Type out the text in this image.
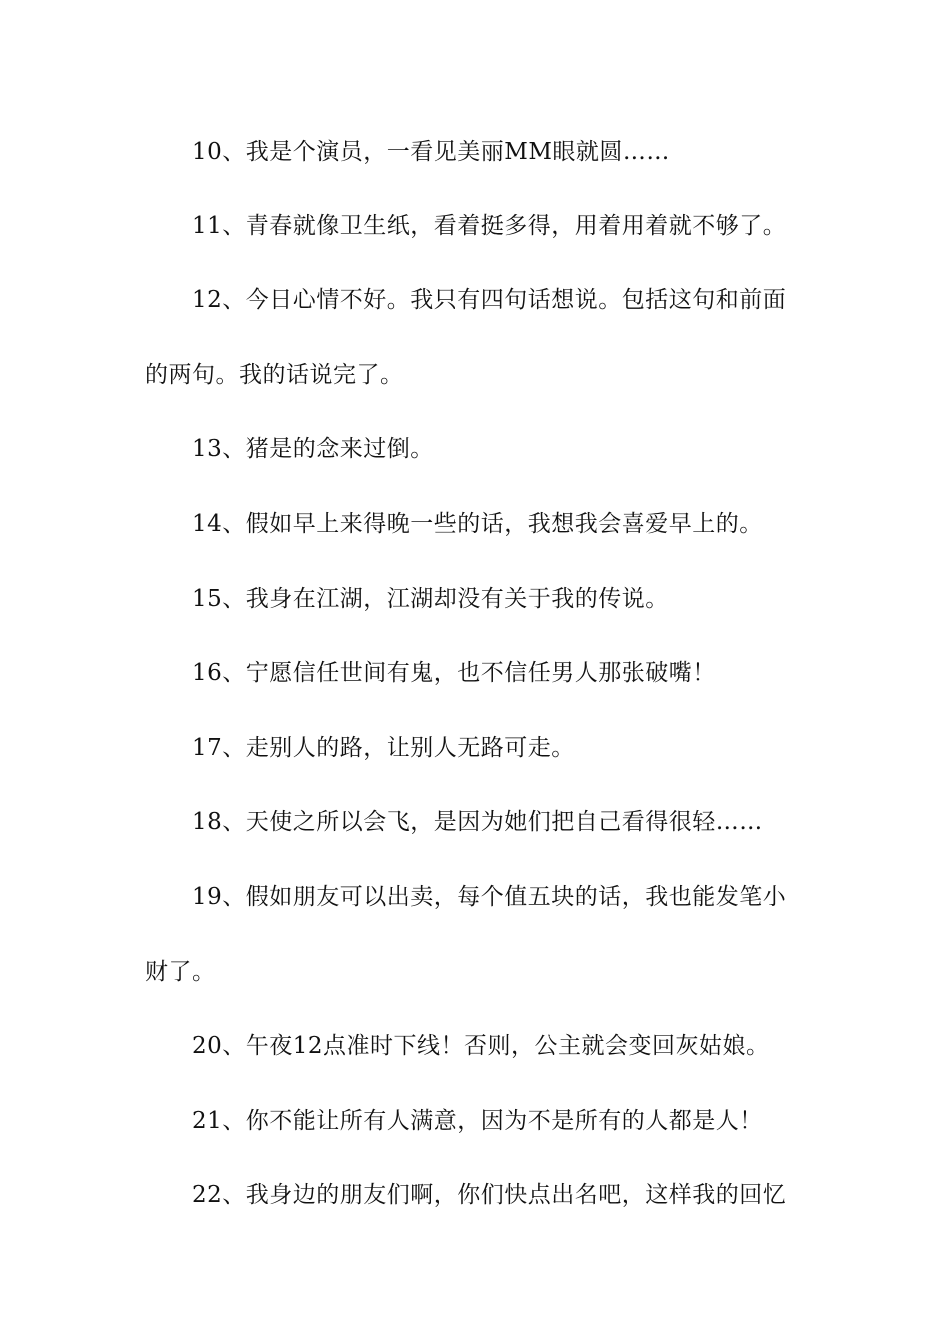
10、我是个演员，一看见美丽MM眼就圆……
11、青春就像卫生纸，看着挺多得，用着用着就不够了。
12、今日心情不好。我只有四句话想说。包括这句和前面
的两句。我的话说完了。
13、猪是的念来过倒。
14、假如早上来得晚一些的话，我想我会喜爱早上的。
15、我身在江湖，江湖却没有关于我的传说。
16、宁愿信任世间有鬼，也不信任男人那张破嘴！
17、走别人的路，让别人无路可走。
18、天使之所以会飞，是因为她们把自己看得很轻……
19、假如朋友可以出卖，每个值五块的话，我也能发笔小
财了。
20、午夜12点准时下线！否则，公主就会变回灰姑娘。
21、你不能让所有人满意，因为不是所有的人都是人！
22、我身边的朋友们啊，你们快点出名吧，这样我的回忆
